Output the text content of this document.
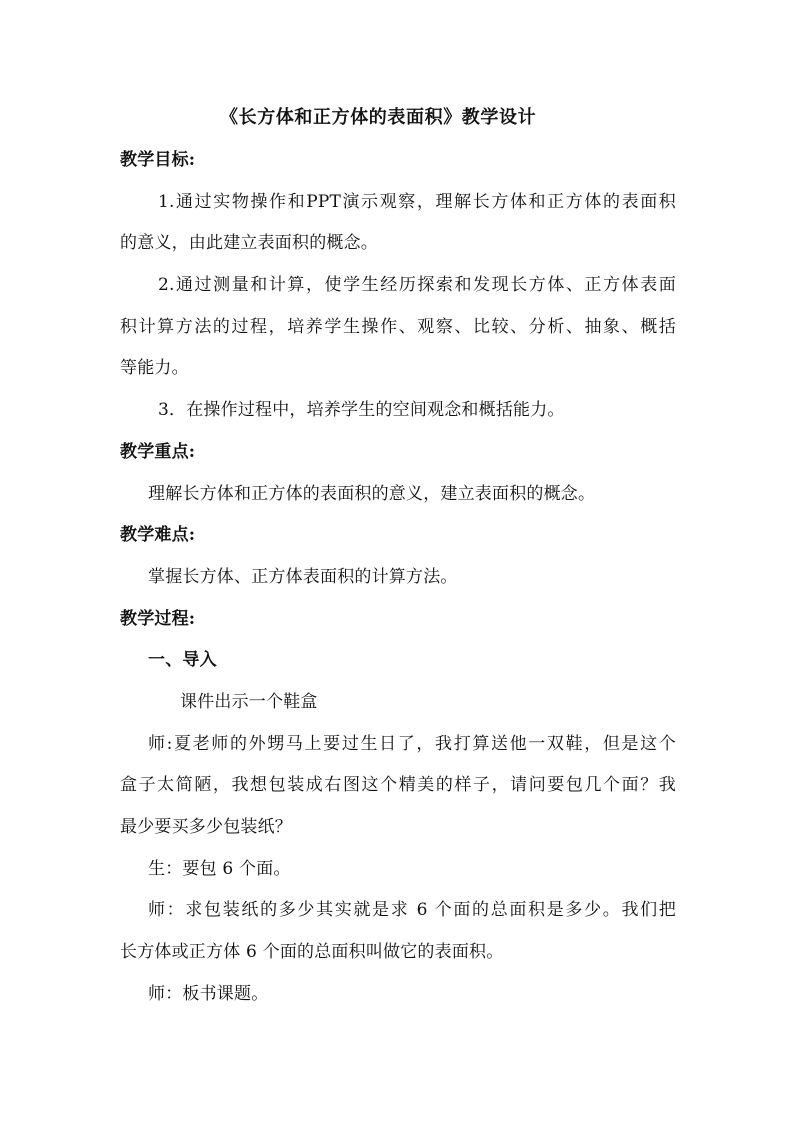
《长方体和正方体的表面积》教学设计
教学目标:
1.通过实物操作和PPT演示观察，理解长方体和正方体的表面积
的意义，由此建立表面积的概念。
2.通过测量和计算，使学生经历探索和发现长方体、正方体表面
积计算方法的过程，培养学生操作、观察、比较、分析、抽象、概括
等能力。
3．在操作过程中，培养学生的空间观念和概括能力。
教学重点:
理解长方体和正方体的表面积的意义，建立表面积的概念。
教学难点:
掌握长方体、正方体表面积的计算方法。
教学过程:
一、导入
课件出示一个鞋盒
师:夏老师的外甥马上要过生日了，我打算送他一双鞋，但是这个
盒子太简陋，我想包装成右图这个精美的样子，请问要包几个面？我
最少要买多少包装纸？
生：要包 6 个面。
师：求包装纸的多少其实就是求 6 个面的总面积是多少。我们把
长方体或正方体 6 个面的总面积叫做它的表面积。
师：板书课题。
